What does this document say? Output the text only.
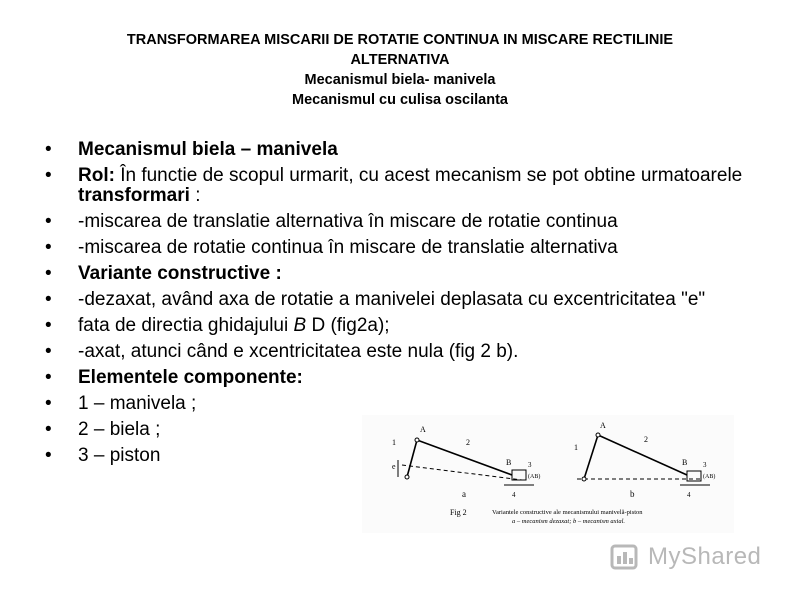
TRANSFORMAREA MISCARII DE ROTATIE CONTINUA IN MISCARE RECTILINIE
ALTERNATIVA
Mecanismul biela- manivela
Mecanismul cu culisa oscilanta
• Mecanismul biela – manivela
• Rol: În functie de scopul urmarit, cu acest mecanism se pot obtine urmatoarele transformari :
• -miscarea de translatie alternativa în miscare de rotatie continua
• -miscarea de rotatie continua în miscare de translatie alternativa
• Variante constructive :
• -dezaxat, având axa de rotatie a manivelei deplasata cu excentricitatea "e"
• fata de directia ghidajului B D (fig2a);
• -axat, atunci când e xcentricitatea este nula (fig 2 b).
• Elementele componente:
• 1 – manivela ;
• 2 – biela ;
• 3 – piston
A
2
1
e	B 3
(AB)
4
a
A
2
1
B 3
(AB)
4
b
Fig 2	Variantele constructive ale mecanismului manivelă-piston
a – mecanism dezaxat; b – mecanism axial.
MyShared
